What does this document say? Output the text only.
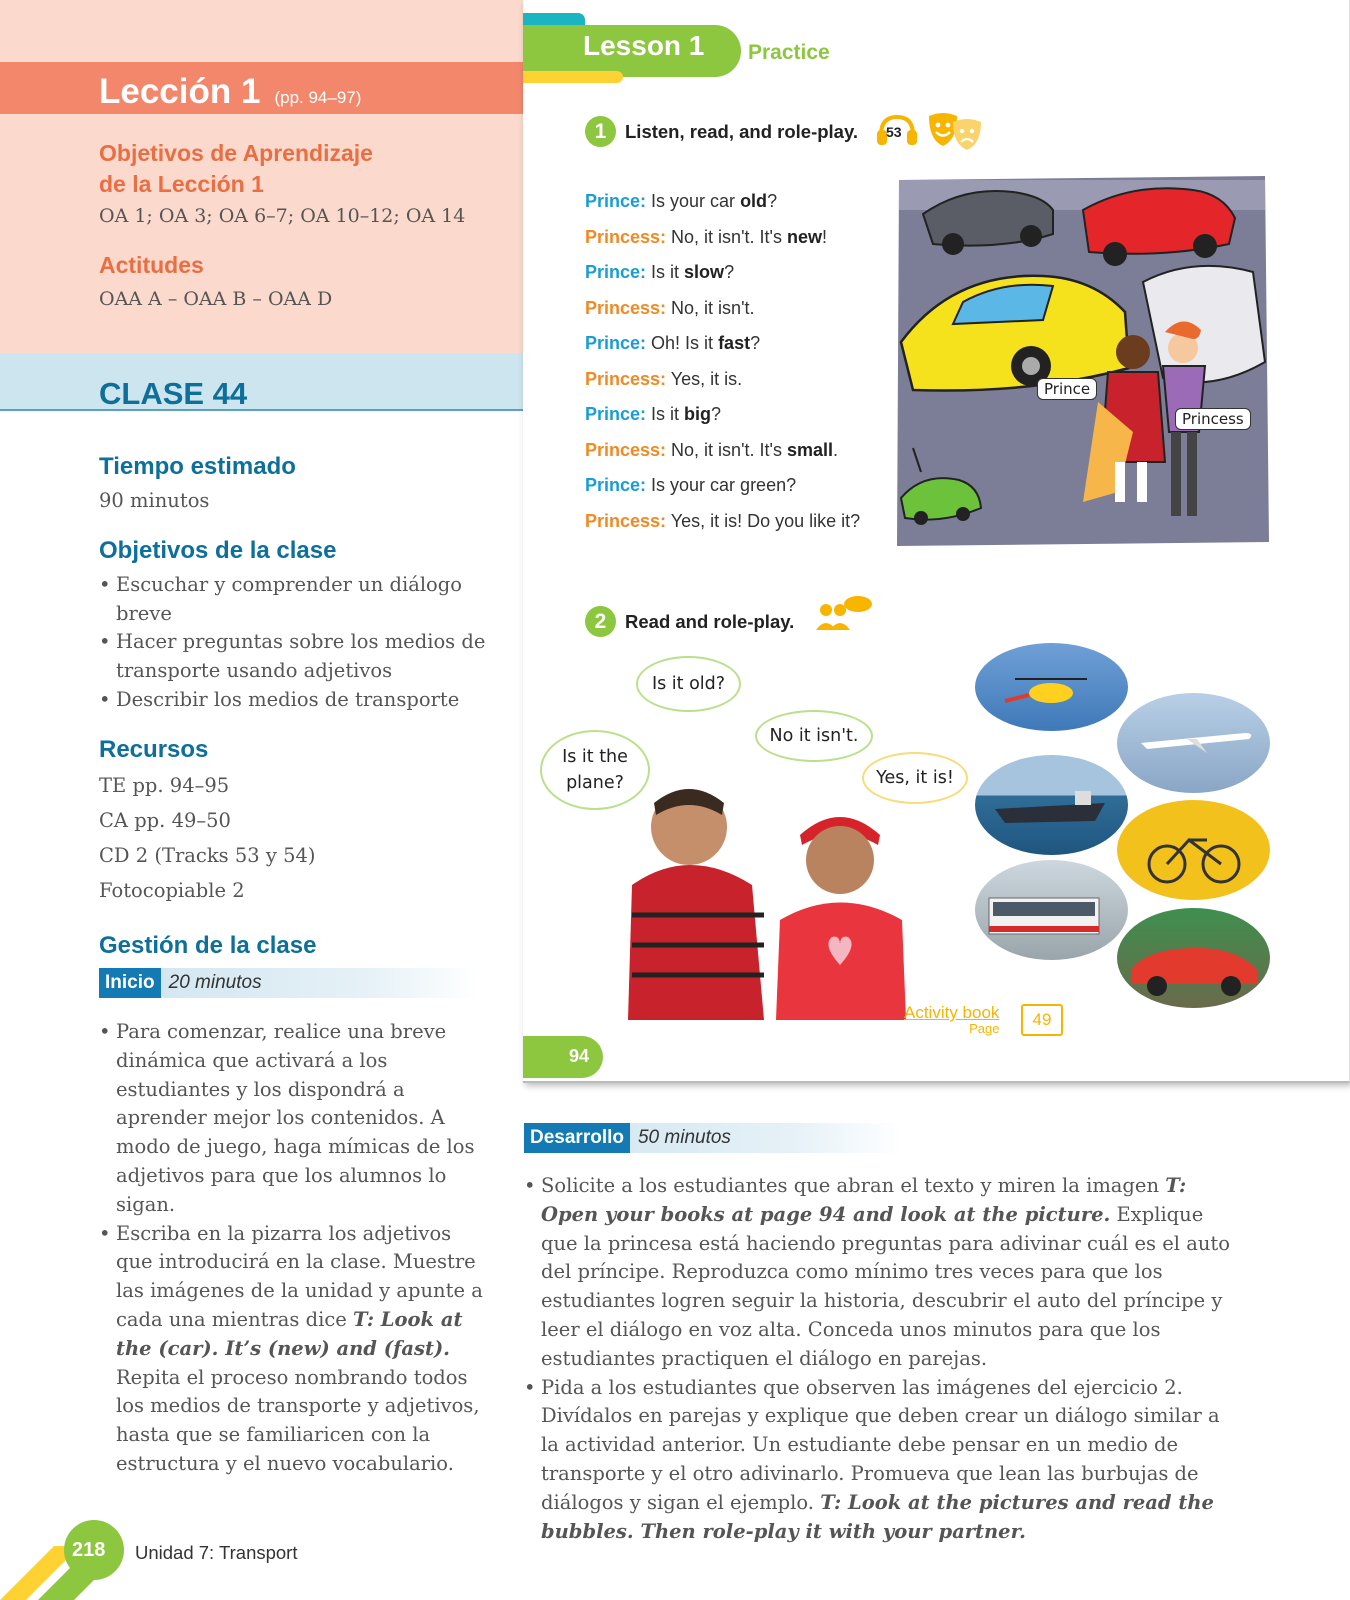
Lección 1 (pp. 94–97)
Objetivos de Aprendizaje
de la Lección 1
OA 1; OA 3; OA 6–7; OA 10–12; OA 14
Actitudes
OAA A – OAA B – OAA D
CLASE 44
Tiempo estimado
90 minutos
Objetivos de la clase
• Escuchar y comprender un diálogo breve
• Hacer preguntas sobre los medios de transporte usando adjetivos
• Describir los medios de transporte
Recursos
TE pp. 94–95
CA pp. 49–50
CD 2 (Tracks 53 y 54)
Fotocopiable 2
Gestión de la clase
Inicio 20 minutos
• Para comenzar, realice una breve dinámica que activará a los estudiantes y los dispondrá a aprender mejor los contenidos. A modo de juego, haga mímicas de los adjetivos para que los alumnos lo sigan.
• Escriba en la pizarra los adjetivos que introducirá en la clase. Muestre las imágenes de la unidad y apunte a cada una mientras dice T: Look at the (car). It’s (new) and (fast). Repita el proceso nombrando todos los medios de transporte y adjetivos, hasta que se familiaricen con la estructura y el nuevo vocabulario.
Lesson 1 Practice
1	Listen, read, and role-play. 53
Prince: Is your car old?
Princess: No, it isn't. It's new!
Prince: Is it slow?
Princess: No, it isn't.
Prince: Oh! Is it fast?
Princess: Yes, it is.
Prince: Is it big?
Princess: No, it isn't. It's small.
Prince: Is your car green?
Princess: Yes, it is! Do you like it?
Prince
Princess
2	Read and role-play.
Is it old?
Is it the plane?
No it isn't.
Yes, it is!
Activity book
Page	49
94
Desarrollo 50 minutos
• Solicite a los estudiantes que abran el texto y miren la imagen T: Open your books at page 94 and look at the picture. Explique que la princesa está haciendo preguntas para adivinar cuál es el auto del príncipe. Reproduzca como mínimo tres veces para que los estudiantes logren seguir la historia, descubrir el auto del príncipe y leer el diálogo en voz alta. Conceda unos minutos para que los estudiantes practiquen el diálogo en parejas.
• Pida a los estudiantes que observen las imágenes del ejercicio 2. Divídalos en parejas y explique que deben crear un diálogo similar a la actividad anterior. Un estudiante debe pensar en un medio de transporte y el otro adivinarlo. Promueva que lean las burbujas de diálogos y sigan el ejemplo. T: Look at the pictures and read the bubbles. Then role-play it with your partner.
218 Unidad 7: Transport
